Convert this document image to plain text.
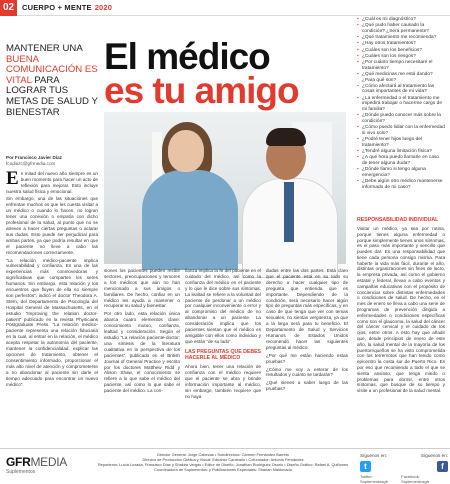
02	CUERPO + MENTE 2020
MANTENER UNA BUENA COMUNICACIÓN ES VITAL PARA LOGRAR TUS METAS DE SALUD Y BIENESTAR
El médico
es tu amigo
Por Francisco Javier Díaz
fcodiazc@gfrmedia.com

En mitad del nuevo año siempre es un buen momento para hacer un acto de reflexión para mejorar. Esto incluye nuestra salud física y emocional.

Sin embargo, una de las situaciones que enfrentan muchos es que les cuesta visitar a un médico o cuando lo hacen, no logran tener una conexión o empatía con dicho profesional de la salud, al punto que no se atreven a hacer ciertas preguntas o aclarar sus dudas. Esto puede ser perjudicial para ambas partes, ya que podría resultar en que el paciente no lleve a cabo las recomendaciones correctamente.

“La relación médico-paciente implica vulnerabilidad y confianza. Es una de las experiencias más conmovedoras y significativas que comparten los seres humanos. Sin embargo, esta relación y los encuentros que fluyen de ella no siempre son perfectos”, indicó el doctor Theodora A. Stern, del Departamento de Psicología del Hospital General de Massachusetts, en el estudio “Improving the relation doctor-patient” publicado en la revista Physicians Postgraduate Press. “La relación médico-paciente representa una relación fiduciaria en la cual, al entrar en la relación, el médico acepta respetar la autonomía del paciente, mantener la confidencialidad, explicar las opciones de tratamiento, obtener el consentimiento informado, proporcionar el más alto nivel de atención y comprometerse a no abandonar al paciente sin darle el tiempo adecuado para encontrar un nuevo médico”.

siones los pacientes pueden recibir sectores, preocupaciones y temores a los médicos que aún no han mencionado a sus amigos o familiares. De hecho, confiar en un médico les ayuda a mantener o recuperar su salud y bienestar.

Por otro lado, esta relación única abarca cuatro elementos clave: conocimiento mutuo, confianza, lealtad y consideración. Según el estudio “La relación paciente-doctor: una síntesis de la literatura cualitativa en la perspectiva de los pacientes”, publicado en el British Journal of General Practice y escrito por los doctores Matthew Ridd y Alison Shaw, el conocimiento se refiere a lo que sabe el médico del paciente, así como lo que sabe el paciente del médico. La con-

fianza implica la fe del paciente en el cuidado del médico, así como la confianza del médico en el paciente y lo que le dice sobre sus síntomas. La lealtad se refiere a la voluntad del paciente de perdonar a un médico por cualquier inconveniente o error y al compromiso del médico de no abandonar a un paciente. La consideración implica que los pacientes sientan que el médico es amigable con ellos como individuo y que están “de su lado”.

LAS PREGUNTAS QUE DEBES HACERLE AL MÉDICO

Ahora bien, tener una relación de confianza con el médico requiere que el paciente se abra y brinde información importante al médico, sin embargo, también requiere que no haya

dudas entre las dos partes. Está claro que el paciente está en su todo su derecho a hacer cualquier tipo de pregunta que entienda que es importante. Dependiendo de la condición, será necesario hacer algún tipo de preguntas más específicas, y en caso de que tenga que ver con temas sexuales, no sientas vergüenza, ya que a la larga será para tu beneficio. El Departamento de Salud y Servicios Humanos de Estados Unidos recomendó hacer las siguientes preguntas al médico:

¿Por qué me están haciendo estas pruebas?

¿Cómo me voy a enterar de los resultados y cuánto se tardarán?

¿Qué sienes a saber luego de las pruebas?

▪ ¿Cuál es mi diagnóstico?
▪ ¿Qué pudo haber causado la condición? ¿Será permanente?
▪ ¿Qué tratamiento me recomienda?
▪ ¿Hay otros tratamientos?
▪ ¿Cuáles son los beneficios?
▪ ¿Cuáles son los riesgos?
▪ ¿Por cuánto tiempo necesitaré el tratamiento?
▪ ¿Qué medicinas me está dando? ¿Para qué son?
▪ ¿Cómo afectará al tratamiento las cosas importantes de mi vida?
▪ ¿La enfermedad o el tratamiento me impedirá trabajar o hacerme cargo de mi familia?
▪ ¿Dónde puedo conocer más sobre la condición?
▪ ¿Cómo puedo lidiar con la enfermedad si vivo solo?
▪ ¿Podré tener hijos luego del tratamiento?
▪ ¿Tendré alguna limitación física?
▪ ¿A qué hora puedo llamarle en caso de tener alguna duda?
▪ ¿Dónde llamo si tengo alguna emergencia?
▪ ¿Debe algún otro médico mantenerse informado de mi caso?
RESPONSABILIDAD INDIVIDUAL

Visitar un médico, ya sea por rutina, porque tienes alguna enfermedad o porque simplemente tienes unos síntomas, es el paso más importante y sencillo que puedes dar. Es una responsabilidad que tiene cada persona consigo misma. Para haberte la vida más fácil, durante el año, distintas organizaciones sin fines de lucro, la empresa privada, así como el gobierno estatal y federal, llevan a cabo eventos y campañas educativas con el propósito de concienciar sobre distintas enfermedades o condiciones de salud. De hecho, en el mes de enero se lleva a cabo una serie de programas de prevención dirigida a enfermedades o condiciones específicas como son el glaucoma, la salud del cáncer del cáncer cervical y el cuidado de los ojos, entre otros. A esto hay que añadir que, desde principios de enero de este año, la salud mental de la mayoría de los puertorriqueños se ha visto comprometida con los terremotos que han tenido como epicentro la costa sur de Puerto Rico. Es por eso que recomiendo a todo el que se sienta ansioso, que tenga miedo o problemas para dormir, entre otros síntomas, que busque de su tiempo y visite a un profesional de la salud mental.

GFRMEDIA
Suplementos
Director General: Jorge Cabezas • Subdirectora: Carmen Fernández Barreto
Director de Producción Gráfica y Visual: Eduardo Caraballo • Cofundador: Antonio Fernández
Reporteros: Lucía Lozada, Francisco Díaz y Shakira Vargas • Editor de Diseño: Jonathan Rodríguez Osorio • Diseño Gráfico: Rafael A. Quiñones
Coordinadora de Suplementos: y Publicaciones Especiales: Sharlan Maldonado
Síguenos en:	Síguenos en:
t	f
Twitter: Suplementosgfr
Facebook: Suplementosgfr
